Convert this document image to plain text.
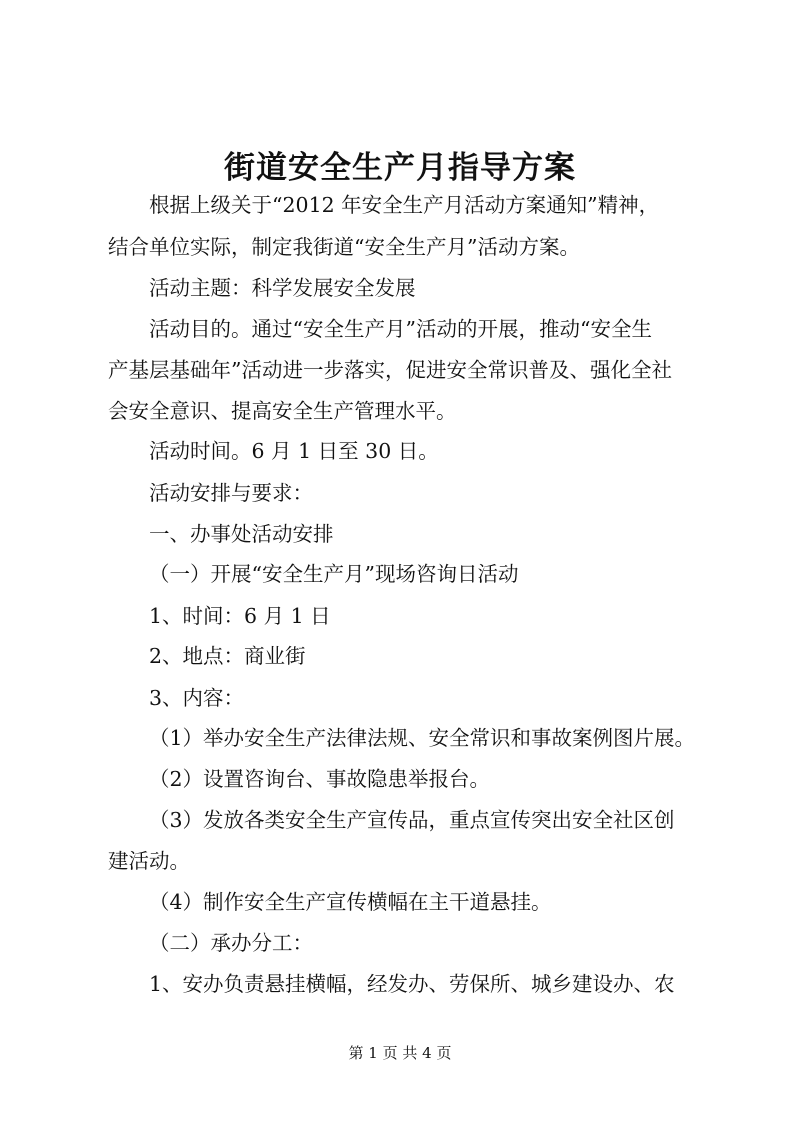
街道安全生产月指导方案
根据上级关于“2012 年安全生产月活动方案通知”精神，
结合单位实际，制定我街道“安全生产月”活动方案。
活动主题：科学发展安全发展
活动目的。通过“安全生产月”活动的开展，推动“安全生
产基层基础年”活动进一步落实，促进安全常识普及、强化全社
会安全意识、提高安全生产管理水平。
活动时间。6 月 1 日至 30 日。
活动安排与要求：
一、办事处活动安排
（一）开展“安全生产月”现场咨询日活动
1、时间：6 月 1 日
2、地点：商业街
3、内容：
（1）举办安全生产法律法规、安全常识和事故案例图片展。
（2）设置咨询台、事故隐患举报台。
（3）发放各类安全生产宣传品，重点宣传突出安全社区创
建活动。
（4）制作安全生产宣传横幅在主干道悬挂。
（二）承办分工：
1、安办负责悬挂横幅，经发办、劳保所、城乡建设办、农
第 1 页 共 4 页
